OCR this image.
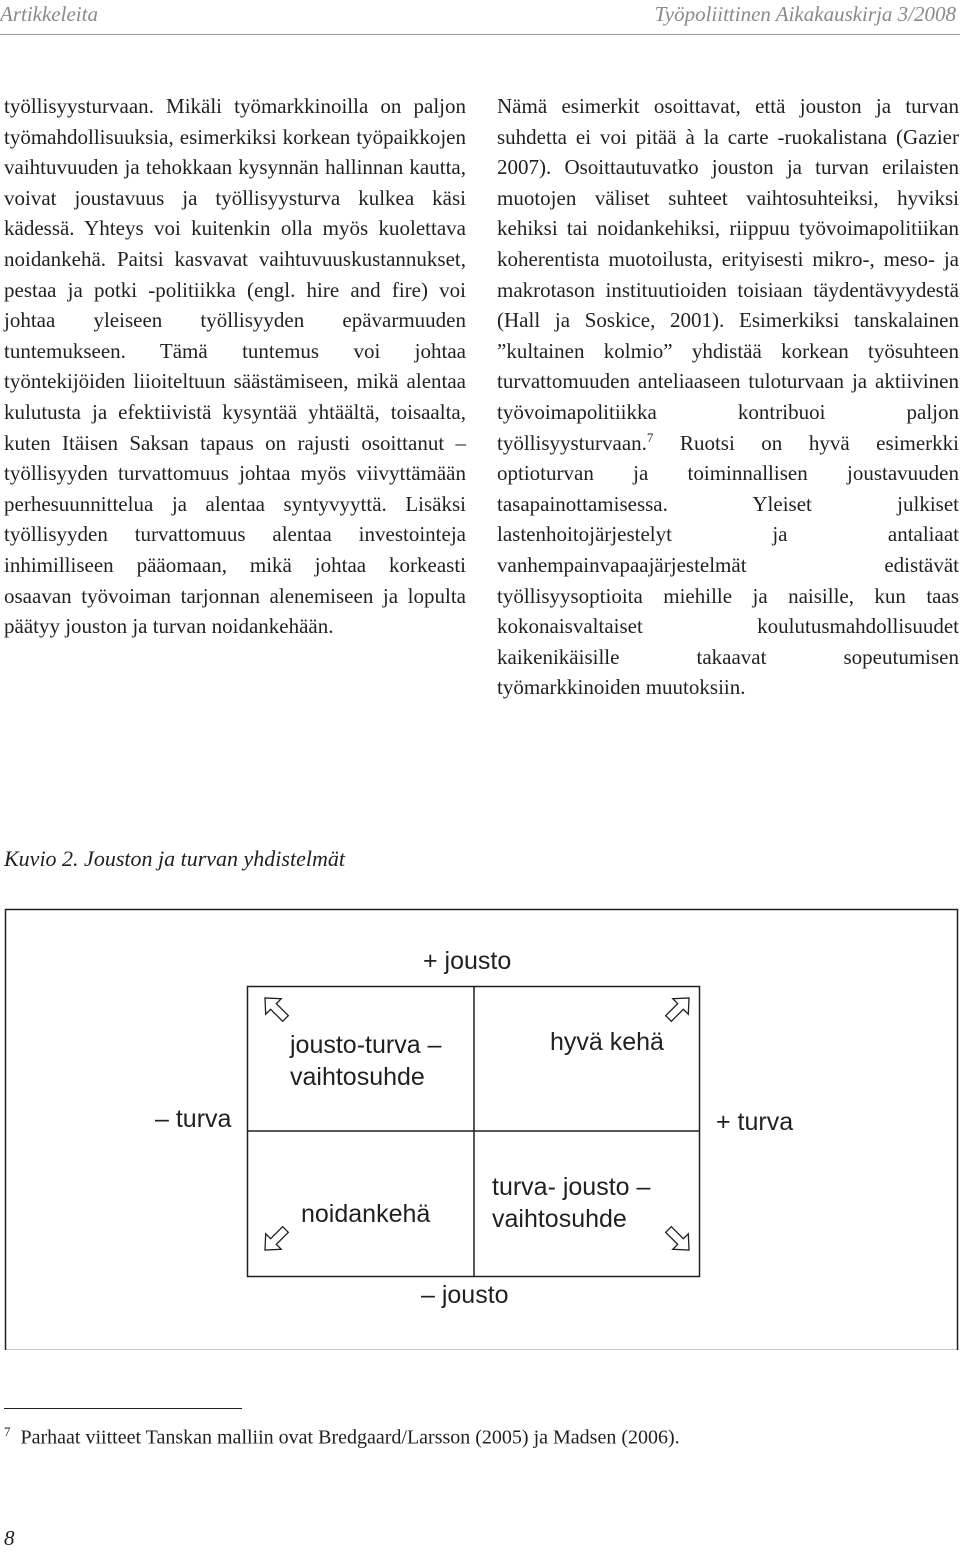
Artikkeleita	Työpoliittinen Aikakauskirja 3/2008

työllisyysturvaan. Mikäli työmarkkinoilla on paljon työmahdollisuuksia, esimerkiksi korkean työpaikkojen vaihtuvuuden ja tehokkaan kysynnän hallinnan kautta, voivat joustavuus ja työllisyysturva kulkea käsi kädessä. Yhteys voi kuitenkin olla myös kuolettava noidankehä. Paitsi kasvavat vaihtuvuuskustannukset, pestaa ja potki -politiikka (engl. hire and fire) voi johtaa yleiseen työllisyyden epävarmuuden tuntemukseen. Tämä tuntemus voi johtaa työntekijöiden liioiteltuun säästämiseen, mikä alentaa kulutusta ja efektiivistä kysyntää yhtäältä, toisaalta, kuten Itäisen Saksan tapaus on rajusti osoittanut – työllisyyden turvattomuus johtaa myös viivyttämään perhesuunnittelua ja alentaa syntyvyyttä. Lisäksi työllisyyden turvattomuus alentaa investointeja inhimilliseen pääomaan, mikä johtaa korkeasti osaavan työvoiman tarjonnan alenemiseen ja lopulta päätyy jouston ja turvan noidankehään.

Nämä esimerkit osoittavat, että jouston ja turvan suhdetta ei voi pitää à la carte -ruokalistana (Gazier 2007). Osoittautuvatko jouston ja turvan erilaisten muotojen väliset suhteet vaihtosuhteiksi, hyviksi kehiksi tai noidankehiksi, riippuu työvoimapolitiikan koherentista muotoilusta, erityisesti mikro-, meso- ja makrotason instituutioiden toisiaan täydentävyydestä (Hall ja Soskice, 2001). Esimerkiksi tanskalainen ”kultainen kolmio” yhdistää korkean työsuhteen turvattomuuden anteliaaseen tuloturvaan ja aktiivinen työvoimapolitiikka kontribuoi paljon työllisyysturvaan.$^7$ Ruotsi on hyvä esimerkki optioturvan ja toiminnallisen joustavuuden tasapainottamisessa. Yleiset julkiset lastenhoitojärjestelyt ja antaliaat vanhempainvapaajärjestelmät edistävät työllisyysoptioita miehille ja naisille, kun taas kokonaisvaltaiset koulutusmahdollisuudet kaikenikäisille takaavat sopeutumisen työmarkkinoiden muutoksiin.

Kuvio 2. Jouston ja turvan yhdistelmät
+ jousto
– jousto
– turva	+ turva
jousto-turva –
vaihtosuhde
hyvä kehä
noidankehä
turva- jousto –
vaihtosuhde
$^7$ Parhaat viitteet Tanskan malliin ovat Bredgaard/Larsson (2005) ja Madsen (2006).
8
